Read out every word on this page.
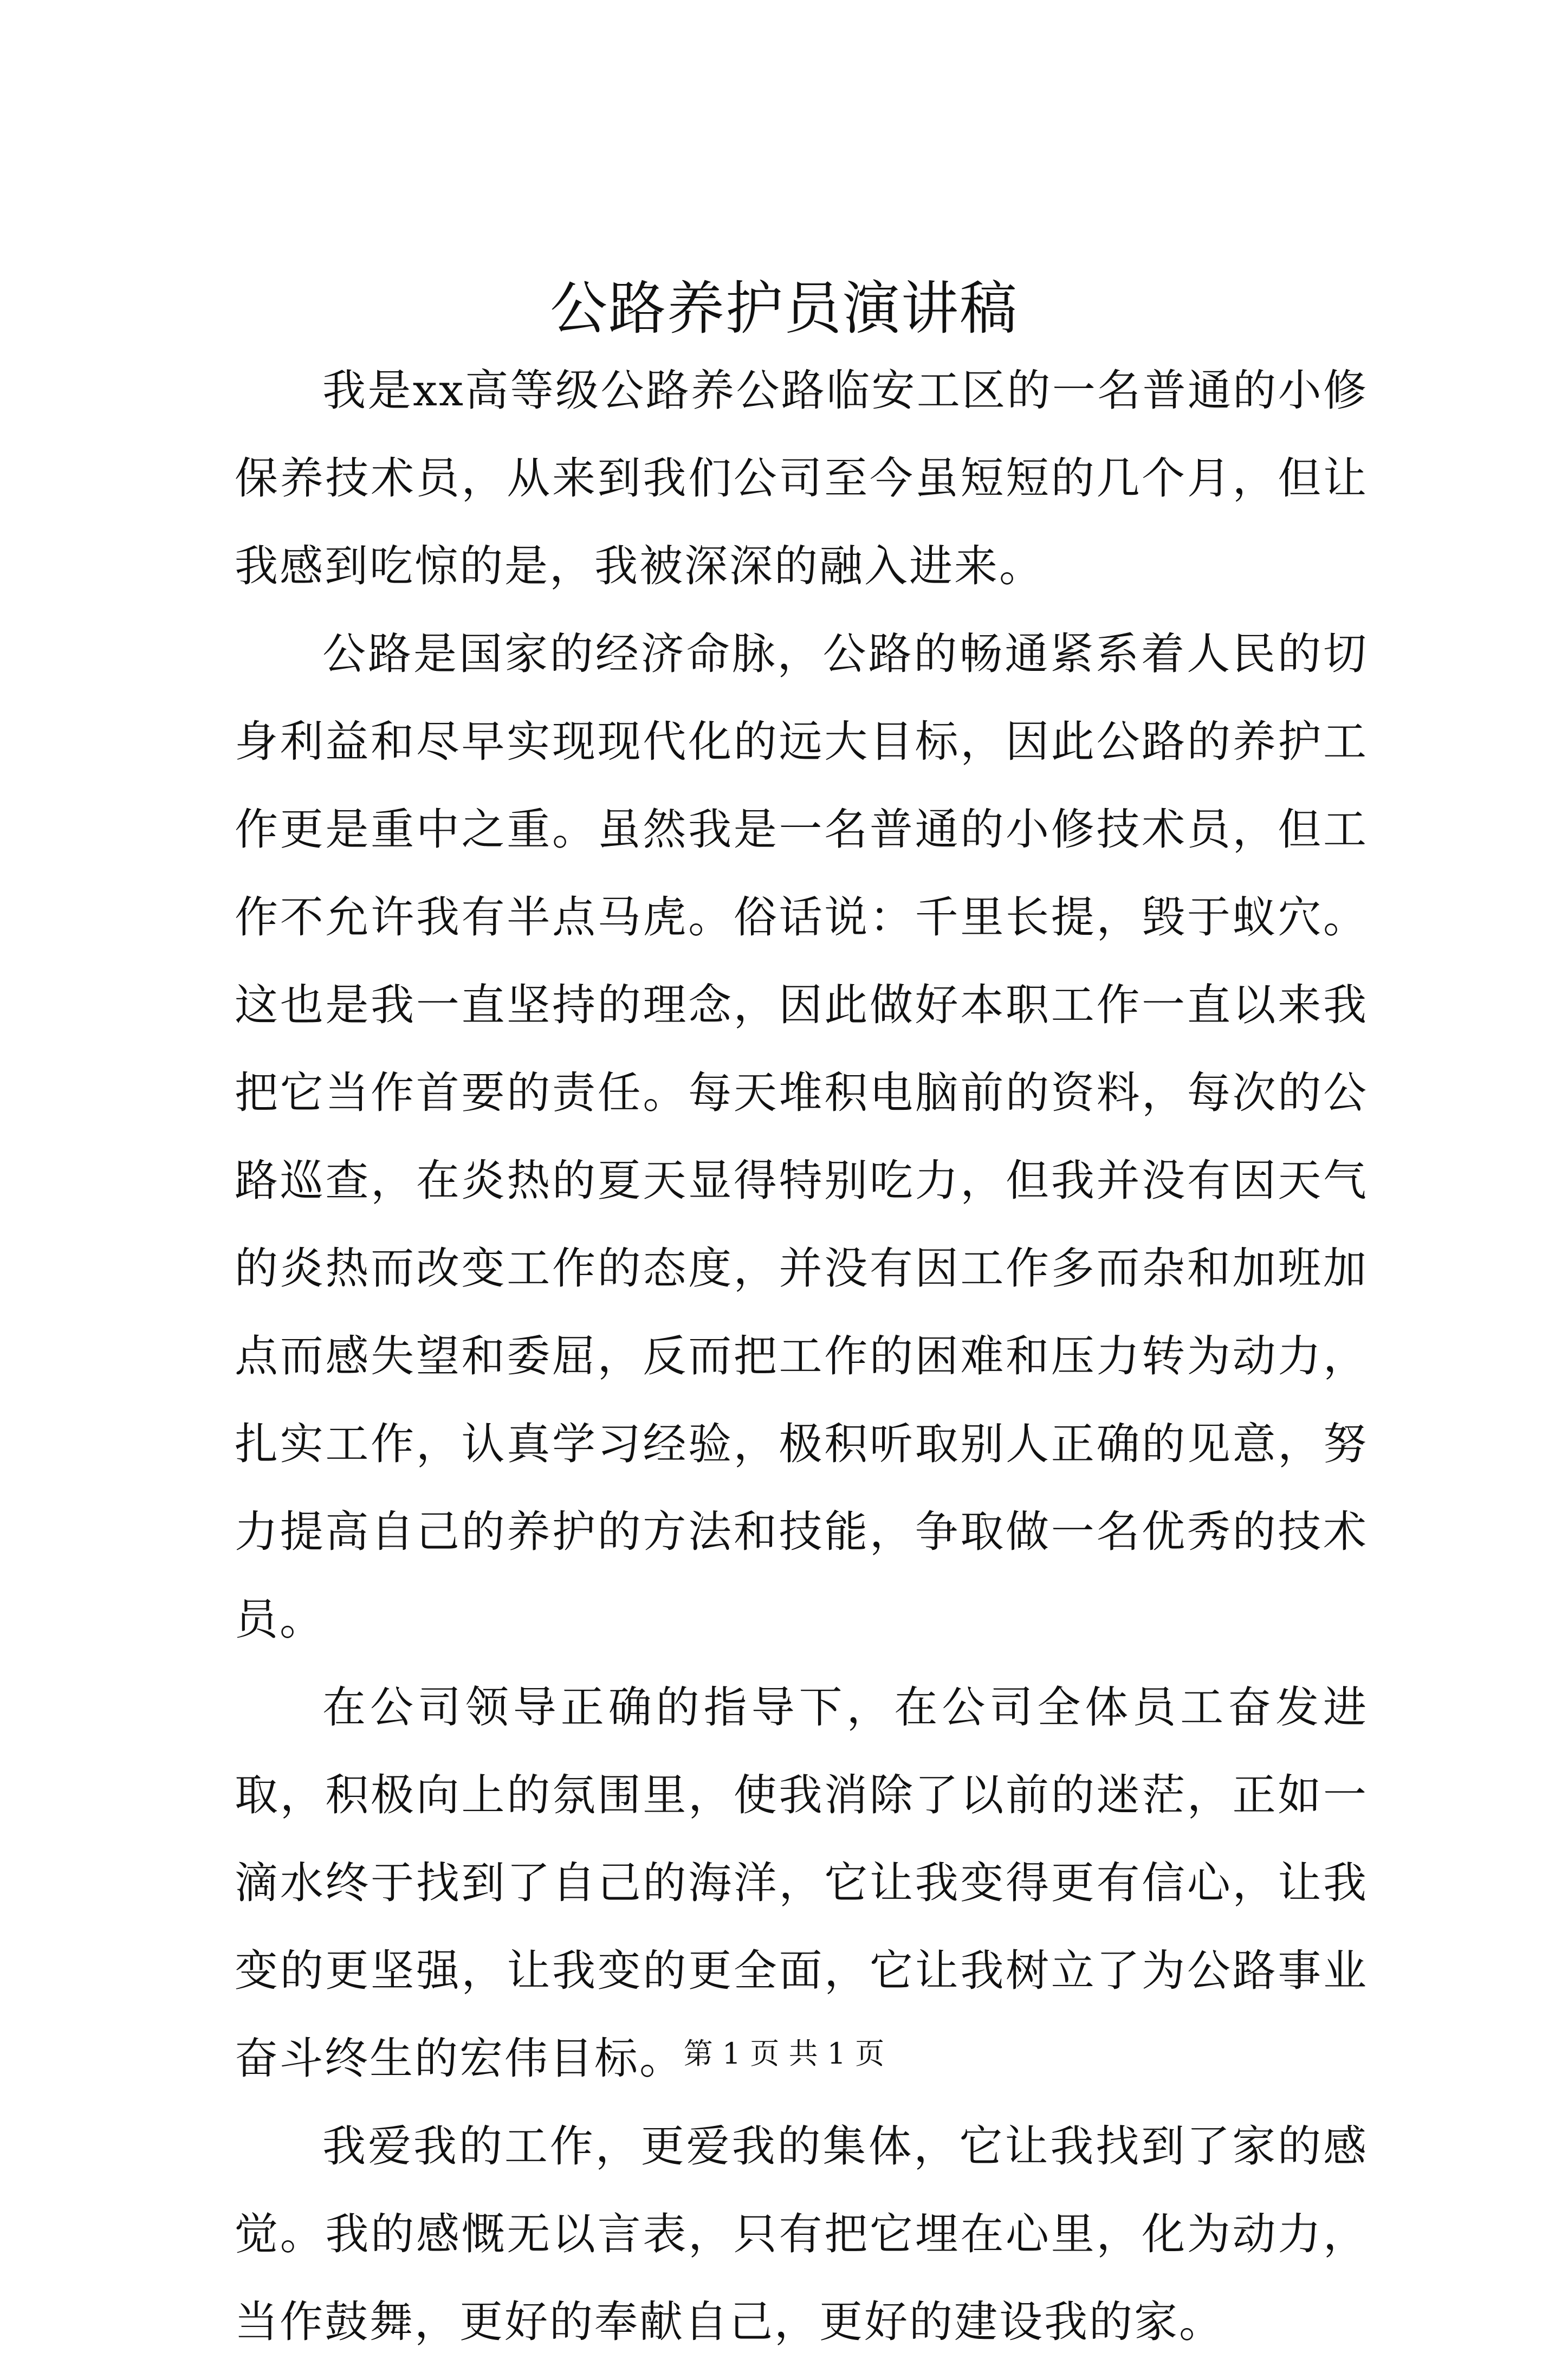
公路养护员演讲稿

我是xx高等级公路养公路临安工区的一名普通的小修保养技术员，从来到我们公司至今虽短短的几个月，但让我感到吃惊的是，我被深深的融入进来。

公路是国家的经济命脉，公路的畅通紧系着人民的切身利益和尽早实现现代化的远大目标，因此公路的养护工作更是重中之重。虽然我是一名普通的小修技术员，但工作不允许我有半点马虎。俗话说：千里长提，毁于蚁穴。这也是我一直坚持的理念，因此做好本职工作一直以来我把它当作首要的责任。每天堆积电脑前的资料，每次的公路巡查，在炎热的夏天显得特别吃力，但我并没有因天气的炎热而改变工作的态度，并没有因工作多而杂和加班加点而感失望和委屈，反而把工作的困难和压力转为动力，扎实工作，认真学习经验，极积听取别人正确的见意，努力提高自己的养护的方法和技能，争取做一名优秀的技术员。

在公司领导正确的指导下，在公司全体员工奋发进取，积极向上的氛围里，使我消除了以前的迷茫，正如一滴水终于找到了自己的海洋，它让我变得更有信心，让我变的更坚强，让我变的更全面，它让我树立了为公路事业奋斗终生的宏伟目标。

我爱我的工作，更爱我的集体，它让我找到了家的感觉。我的感慨无以言表，只有把它埋在心里，化为动力，当作鼓舞，更好的奉献自己，更好的建设我的家。

第 1 页 共 1 页
